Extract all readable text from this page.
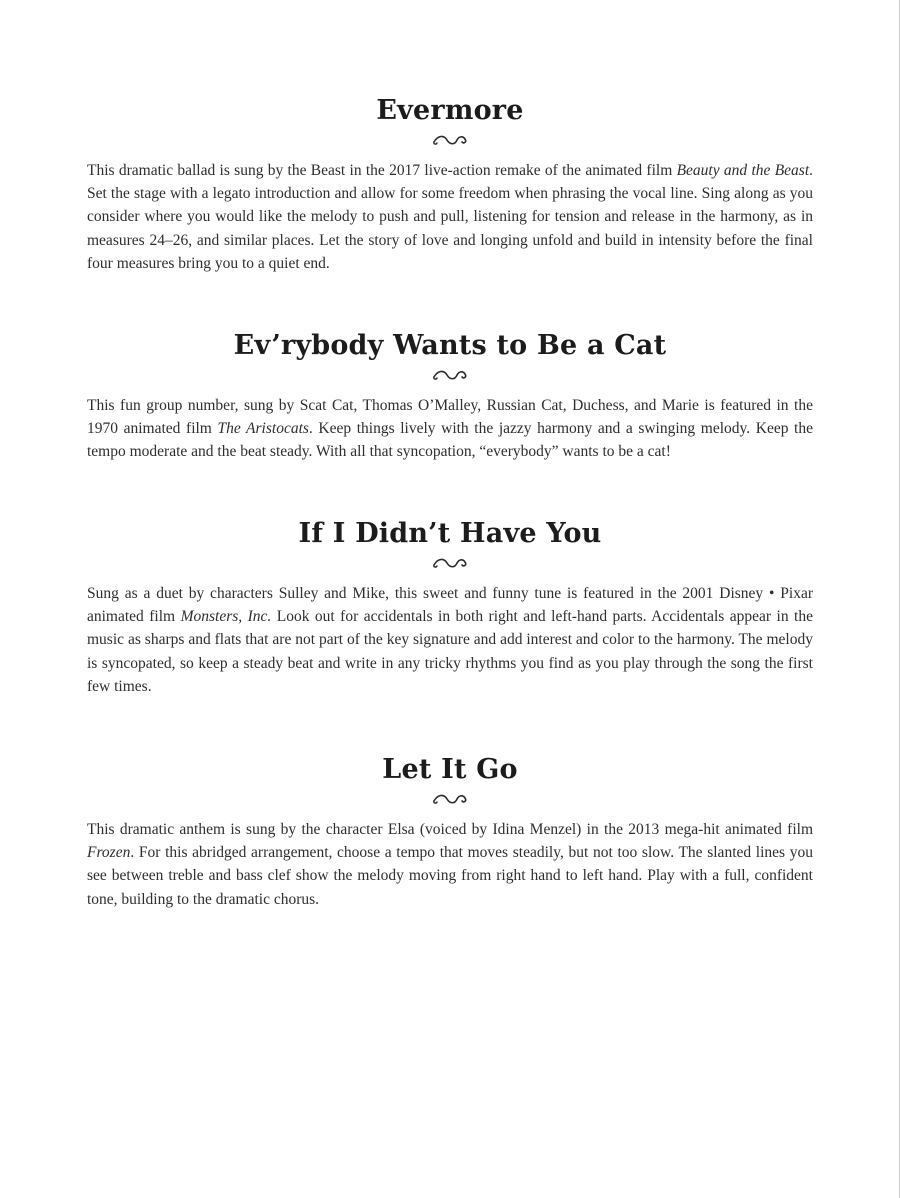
Evermore

This dramatic ballad is sung by the Beast in the 2017 live-action remake of the animated film Beauty and the Beast. Set the stage with a legato introduction and allow for some freedom when phrasing the vocal line. Sing along as you consider where you would like the melody to push and pull, listening for tension and release in the harmony, as in measures 24–26, and similar places. Let the story of love and longing unfold and build in intensity before the final four measures bring you to a quiet end.

Ev’rybody Wants to Be a Cat

This fun group number, sung by Scat Cat, Thomas O’Malley, Russian Cat, Duchess, and Marie is featured in the 1970 animated film The Aristocats. Keep things lively with the jazzy harmony and a swinging melody. Keep the tempo moderate and the beat steady. With all that syncopation, “everybody” wants to be a cat!

If I Didn’t Have You

Sung as a duet by characters Sulley and Mike, this sweet and funny tune is featured in the 2001 Disney • Pixar animated film Monsters, Inc. Look out for accidentals in both right and left-hand parts. Accidentals appear in the music as sharps and flats that are not part of the key signature and add interest and color to the harmony. The melody is syncopated, so keep a steady beat and write in any tricky rhythms you find as you play through the song the first few times.

Let It Go

This dramatic anthem is sung by the character Elsa (voiced by Idina Menzel) in the 2013 mega-hit animated film Frozen. For this abridged arrangement, choose a tempo that moves steadily, but not too slow. The slanted lines you see between treble and bass clef show the melody moving from right hand to left hand. Play with a full, confident tone, building to the dramatic chorus.
